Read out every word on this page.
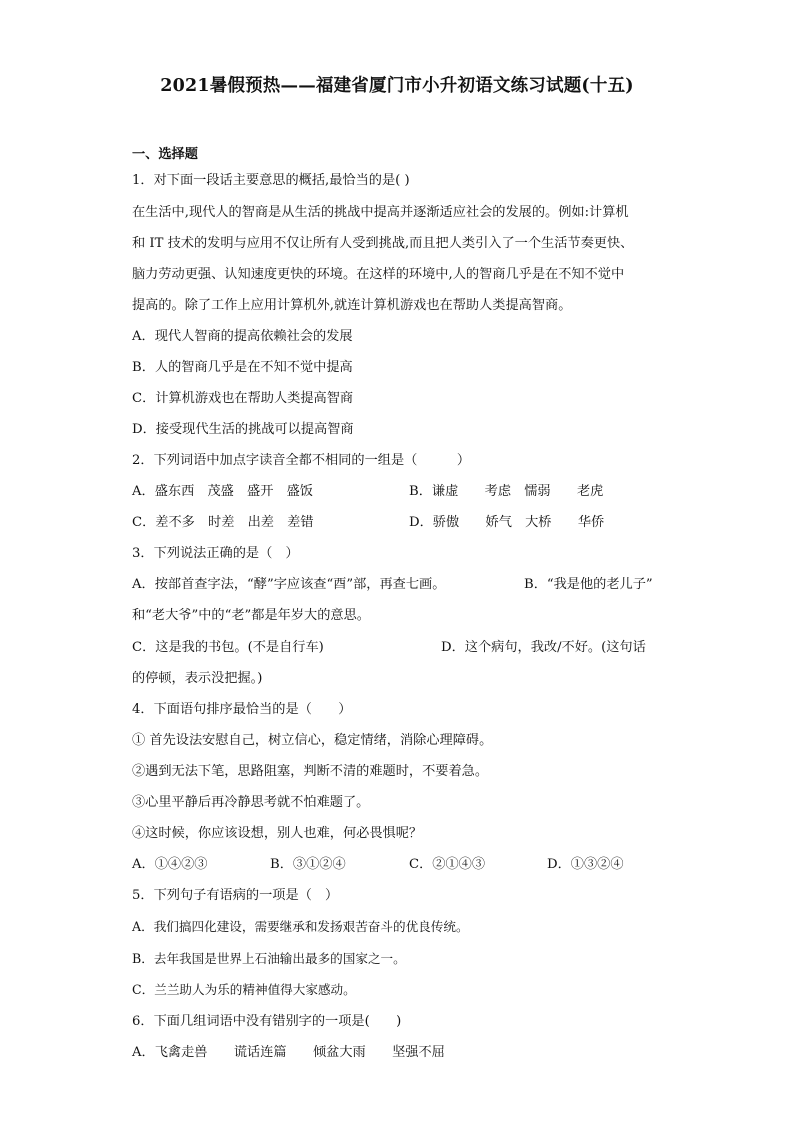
2021暑假预热——福建省厦门市小升初语文练习试题(十五)
一、选择题
1．对下面一段话主要意思的概括,最恰当的是( )
在生活中,现代人的智商是从生活的挑战中提高并逐渐适应社会的发展的。例如:计算机
和 IT 技术的发明与应用不仅让所有人受到挑战,而且把人类引入了一个生活节奏更快、
脑力劳动更强、认知速度更快的环境。在这样的环境中,人的智商几乎是在不知不觉中
提高的。除了工作上应用计算机外,就连计算机游戏也在帮助人类提高智商。
A．现代人智商的提高依赖社会的发展
B．人的智商几乎是在不知不觉中提高
C．计算机游戏也在帮助人类提高智商
D．接受现代生活的挑战可以提高智商
2．下列词语中加点字读音全都不相同的一组是（　　　）
A．盛东西　茂盛　盛开　盛饭	B．谦虚　　考虑　懦弱　　老虎
C．差不多　时差　出差　差错	D．骄傲　　娇气　大桥　　华侨
3．下列说法正确的是（　）
A．按部首查字法，“酵”字应该查“酉”部，再查七画。	B．“我是他的老儿子”
和“老大爷”中的“老”都是年岁大的意思。
C．这是我的书包。(不是自行车)	D．这个病句，我改/不好。(这句话
的停顿，表示没把握。)
4．下面语句排序最恰当的是（　　）
① 首先设法安慰自己，树立信心，稳定情绪，消除心理障碍。
②遇到无法下笔，思路阻塞，判断不清的难题时，不要着急。
③心里平静后再冷静思考就不怕难题了。
④这时候，你应该设想，别人也难，何必畏惧呢？
A．①④②③	B．③①②④	C．②①④③	D．①③②④
5．下列句子有语病的一项是（　）
A．我们搞四化建设，需要继承和发扬艰苦奋斗的优良传统。
B．去年我国是世界上石油输出最多的国家之一。
C．兰兰助人为乐的精神值得大家感动。
6．下面几组词语中没有错别字的一项是(　　)
A．飞禽走兽　　谎话连篇　　倾盆大雨　　坚强不屈
